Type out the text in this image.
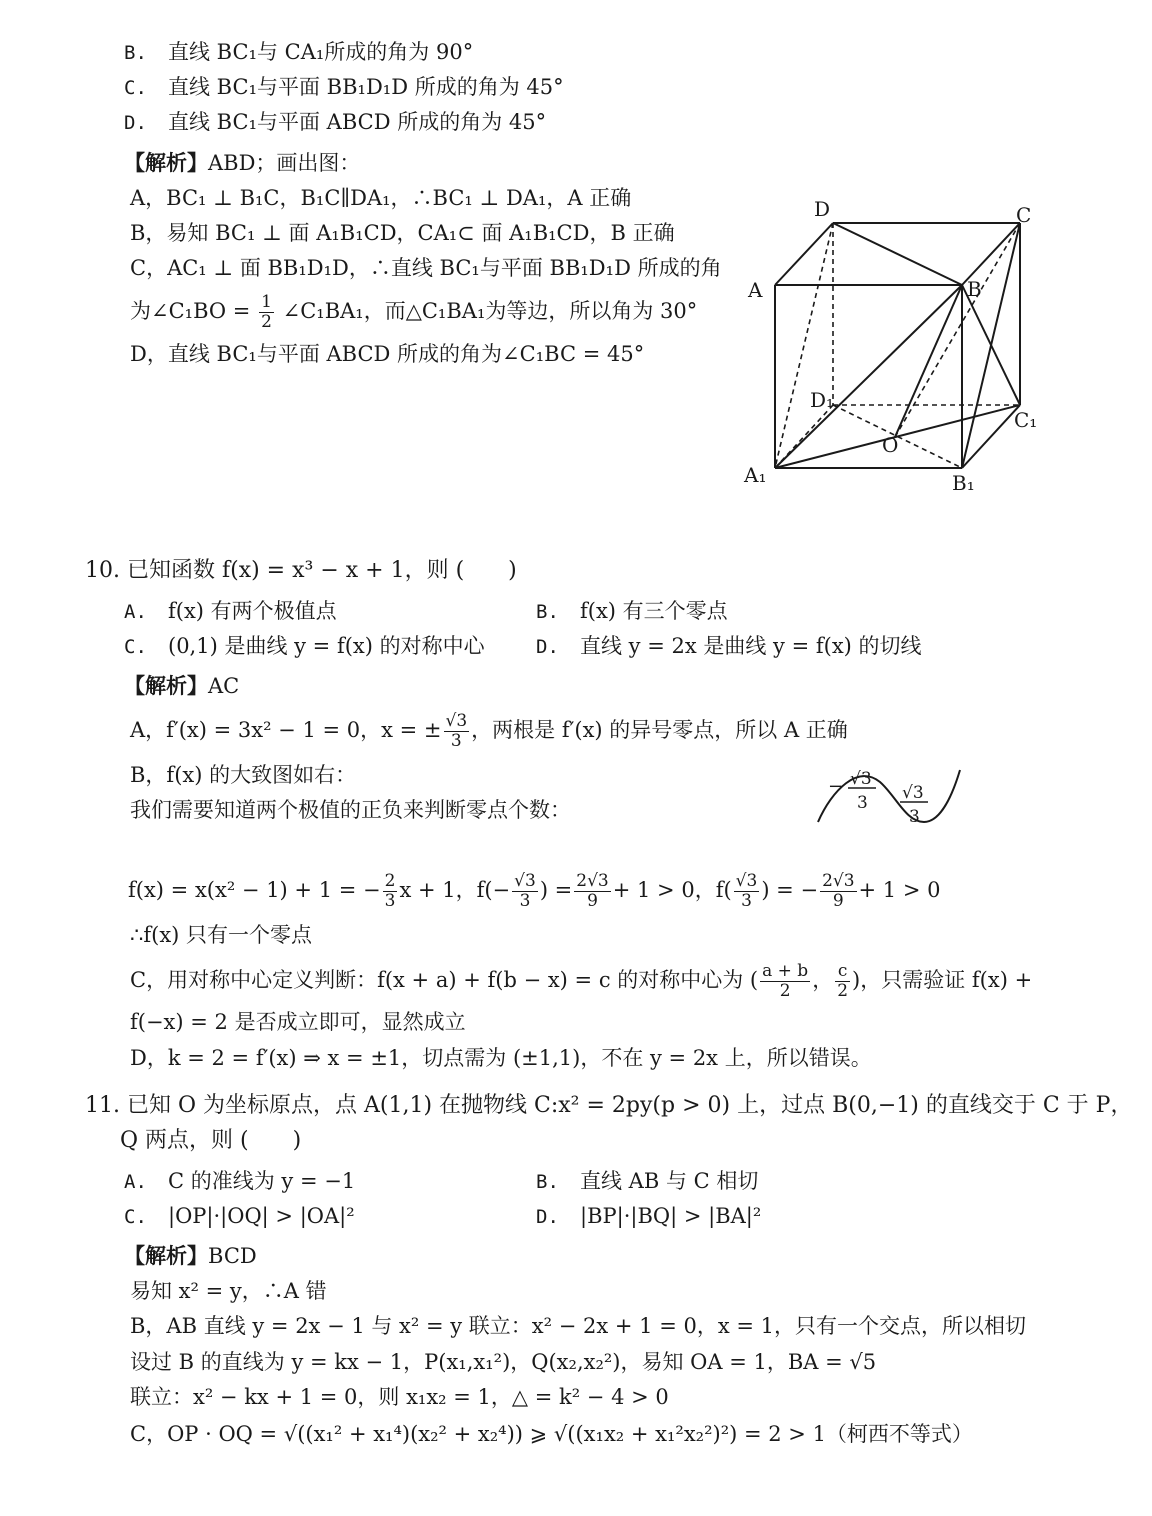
B. 直线 BC₁与 CA₁所成的角为 90°
C. 直线 BC₁与平面 BB₁D₁D 所成的角为 45°
D. 直线 BC₁与平面 ABCD 所成的角为 45°
【解析】ABD；画出图：
A，BC₁ ⊥ B₁C，B₁C∥DA₁，∴BC₁ ⊥ DA₁，A 正确
B，易知 BC₁ ⊥ 面 A₁B₁CD，CA₁⊂ 面 A₁B₁CD，B 正确
C，AC₁ ⊥ 面 BB₁D₁D，∴直线 BC₁与平面 BB₁D₁D 所成的角
为∠C₁BO = $\frac{1}{2}$ ∠C₁BA₁，而△C₁BA₁为等边，所以角为 30°
D，直线 BC₁与平面 ABCD 所成的角为∠C₁BC = 45°
D	C
A	B
D₁
C₁
O
A₁	B₁
10. 已知函数 f(x) = x³ − x + 1，则 (　　)
A. f(x) 有两个极值点	B. f(x) 有三个零点
C. (0,1) 是曲线 y = f(x) 的对称中心	D. 直线 y = 2x 是曲线 y = f(x) 的切线
【解析】AC
A，f′(x) = 3x² − 1 = 0，x = ± $\frac{√3}{3}$ ，两根是 f′(x) 的异号零点，所以 A 正确
B，f(x) 的大致图如右：
我们需要知道两个极值的正负来判断零点个数：
− √3
3 √3
3
f(x) = x(x² − 1) + 1 = − $\frac{2}{3}$ x + 1，$f(- \frac{√3}{3}$ ) = $\frac{2√3}{9} + 1 > 0$，$f( \frac{√3}{3}$ ) = − $\frac{2√3}{9} + 1 > 0$
∴f(x) 只有一个零点
C，用对称中心定义判断：f(x + a) + f(b − x) = c 的对称中心为 ( $\frac{a + b}{2}$ ， $\frac{c}{2}$ )，只需验证 f(x) +
f(−x) = 2 是否成立即可，显然成立
D，k = 2 = f′(x) ⇒ x = ±1，切点需为 (±1,1)，不在 y = 2x 上，所以错误。
11. 已知 O 为坐标原点，点 A(1,1) 在抛物线 C:x² = 2py(p > 0) 上，过点 B(0,−1) 的直线交于 C 于 P，
Q 两点，则 (　　)
A. C 的准线为 y = −1	B. 直线 AB 与 C 相切
C. |OP|·|OQ| > |OA|²	D. |BP|·|BQ| > |BA|²
【解析】BCD
易知 x² = y，∴A 错
B，AB 直线 y = 2x − 1 与 x² = y 联立：x² − 2x + 1 = 0，x = 1，只有一个交点，所以相切
设过 B 的直线为 y = kx − 1，P(x₁,x₁²)，Q(x₂,x₂²)，易知 OA = 1，BA = √5
联立：x² − kx + 1 = 0，则 x₁x₂ = 1，△ = k² − 4 > 0
C，OP · OQ = √((x₁² + x₁⁴)(x₂² + x₂⁴)) ⩾ √((x₁x₂ + x₁²x₂²)²) = 2 > 1（柯西不等式）
